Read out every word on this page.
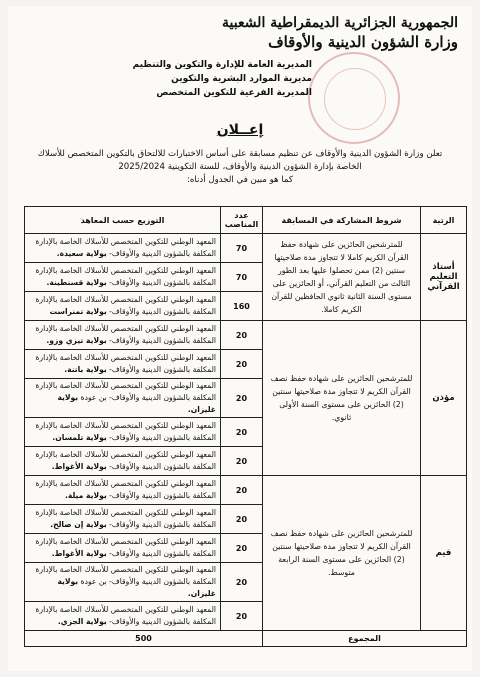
الجمهورية الجزائرية الديمقراطية الشعبية
وزارة الشؤون الدينية والأوقاف
المديرية العامة للإدارة والتكوين والتنظيم
مديرية الموارد البشرية والتكوين
المديرية الفرعية للتكوين المتخصص
إعــلان
تعلن وزارة الشؤون الدينية والأوقاف عن تنظيم مسابقة على أساس الاختبارات للالتحاق بالتكوين المتخصص للأسلاك
الخاصة بإدارة الشؤون الدينية والأوقاف، للسنة التكوينية 2025/2024
كما هو مبين في الجدول أدناه:
الرتبة	شروط المشاركة في المسابقة	عدد المناصب	التوزيع حسب المعاهد
أستاذ التعليم القرآني	للمترشحين الحائزين على شهادة حفظ القرآن الكريم كاملا لا تتجاوز مدة صلاحيتها سنتين (2) ممن تحصلوا عليها بعد الطور الثالث من التعليم القرآني، أو الحائزين على مستوى السنة الثانية ثانوي الحافظين للقرآن الكريم كاملا.	70	المعهد الوطني للتكوين المتخصص للأسلاك الخاصة بالإدارة المكلفة بالشؤون الدينية والأوقاف- بولاية سعيدة.
		70	المعهد الوطني للتكوين المتخصص للأسلاك الخاصة بالإدارة المكلفة بالشؤون الدينية والأوقاف- بولاية قسنطينة.
		160	المعهد الوطني للتكوين المتخصص للأسلاك الخاصة بالإدارة المكلفة بالشؤون الدينية والأوقاف- بولاية تمنراست
مؤذن	للمترشحين الحائزين على شهادة حفظ نصف القرآن الكريم لا تتجاوز مدة صلاحيتها سنتين (2) الحائزين على مستوى السنة الأولى ثانوي.	20	المعهد الوطني للتكوين المتخصص للأسلاك الخاصة بالإدارة المكلفة بالشؤون الدينية والأوقاف- بولاية تيزي وزو.
		20	المعهد الوطني للتكوين المتخصص للأسلاك الخاصة بالإدارة المكلفة بالشؤون الدينية والأوقاف- بولاية باتنة.
		20	المعهد الوطني للتكوين المتخصص للأسلاك الخاصة بالإدارة المكلفة بالشؤون الدينية والأوقاف- بن عودة بولاية غليزان.
		20	المعهد الوطني للتكوين المتخصص للأسلاك الخاصة بالإدارة المكلفة بالشؤون الدينية والأوقاف- بولاية تلمسان.
		20	المعهد الوطني للتكوين المتخصص للأسلاك الخاصة بالإدارة المكلفة بالشؤون الدينية والأوقاف- بولاية الأغواط.
قيم	للمترشحين الحائزين على شهادة حفظ نصف القرآن الكريم لا تتجاوز مدة صلاحيتها سنتين (2) الحائزين على مستوى السنة الرابعة متوسط.	20	المعهد الوطني للتكوين المتخصص للأسلاك الخاصة بالإدارة المكلفة بالشؤون الدينية والأوقاف- بولاية ميلة.
		20	المعهد الوطني للتكوين المتخصص للأسلاك الخاصة بالإدارة المكلفة بالشؤون الدينية والأوقاف- بولاية إن صالح.
		20	المعهد الوطني للتكوين المتخصص للأسلاك الخاصة بالإدارة المكلفة بالشؤون الدينية والأوقاف- بولاية الأغواط.
		20	المعهد الوطني للتكوين المتخصص للأسلاك الخاصة بالإدارة المكلفة بالشؤون الدينية والأوقاف- بن عودة بولاية غليزان.
		20	المعهد الوطني للتكوين المتخصص للأسلاك الخاصة بالإدارة المكلفة بالشؤون الدينية والأوقاف- بولاية الجزي.
المجموع		500	
